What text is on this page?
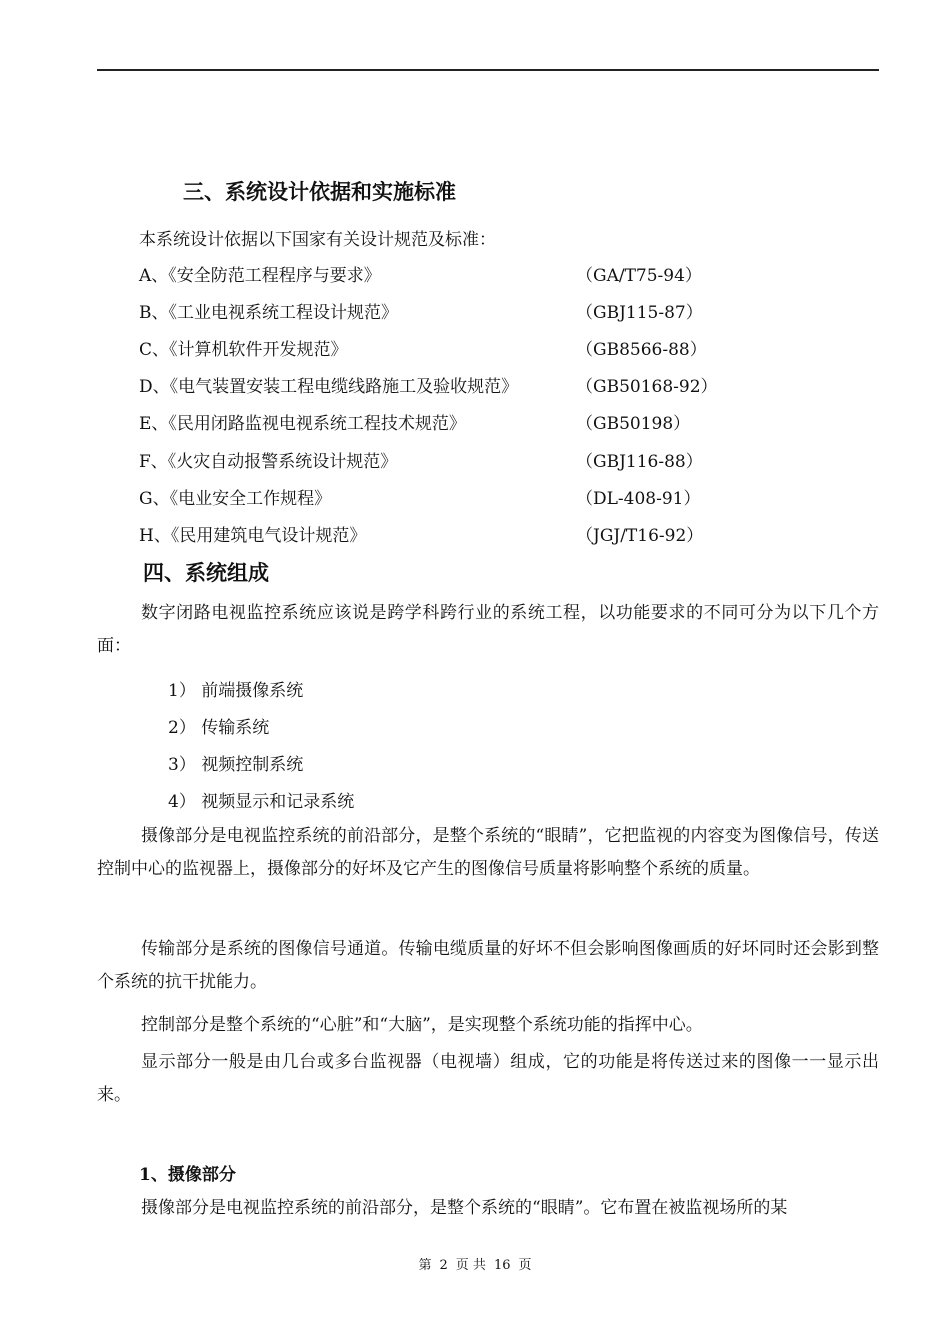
三、系统设计依据和实施标准
本系统设计依据以下国家有关设计规范及标准：
A、《安全防范工程程序与要求》	（GA/T75-94）
B、《工业电视系统工程设计规范》	（GBJ115-87）
C、《计算机软件开发规范》	（GB8566-88）
D、《电气装置安装工程电缆线路施工及验收规范》	（GB50168-92）
E、《民用闭路监视电视系统工程技术规范》	（GB50198）
F、《火灾自动报警系统设计规范》	（GBJ116-88）
G、《电业安全工作规程》	（DL-408-91）
H、《民用建筑电气设计规范》	（JGJ/T16-92）
四、系统组成

数字闭路电视监控系统应该说是跨学科跨行业的系统工程，以功能要求的不同可分为以下几个方面：

1） 前端摄像系统
2） 传输系统
3） 视频控制系统
4） 视频显示和记录系统

摄像部分是电视监控系统的前沿部分，是整个系统的“眼睛”，它把监视的内容变为图像信号，传送控制中心的监视器上，摄像部分的好坏及它产生的图像信号质量将影响整个系统的质量。

传输部分是系统的图像信号通道。传输电缆质量的好坏不但会影响图像画质的好坏同时还会影到整个系统的抗干扰能力。

控制部分是整个系统的“心脏”和“大脑”，是实现整个系统功能的指挥中心。

显示部分一般是由几台或多台监视器（电视墙）组成，它的功能是将传送过来的图像一一显示出来。

1、摄像部分

摄像部分是电视监控系统的前沿部分，是整个系统的“眼睛”。它布置在被监视场所的某

第 2 页 共 16 页
